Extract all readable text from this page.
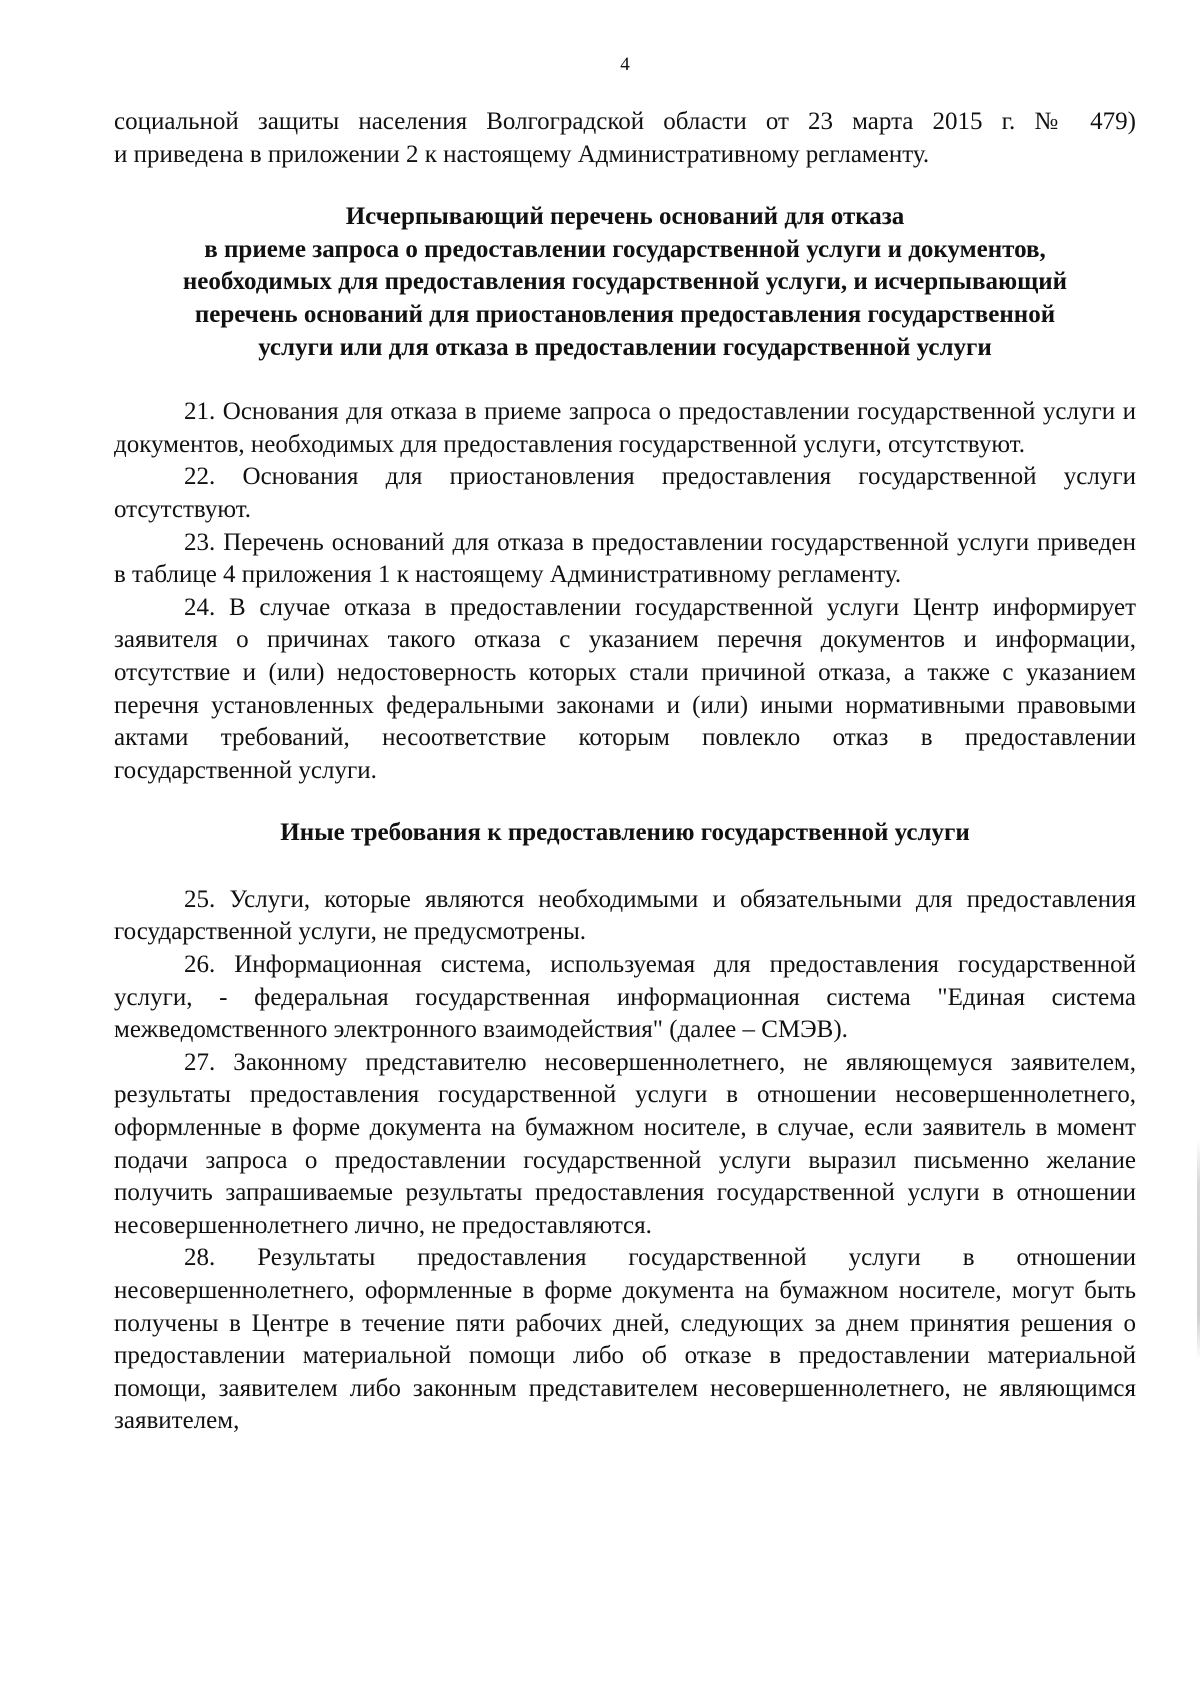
4

социальной защиты населения Волгоградской области от 23 марта 2015 г. № 479)
и приведена в приложении 2 к настоящему Административному регламенту.

Исчерпывающий перечень оснований для отказа
в приеме запроса о предоставлении государственной услуги и документов,
необходимых для предоставления государственной услуги, и исчерпывающий
перечень оснований для приостановления предоставления государственной
услуги или для отказа в предоставлении государственной услуги

21. Основания для отказа в приеме запроса о предоставлении государственной услуги и документов, необходимых для предоставления государственной услуги, отсутствуют.

22. Основания для приостановления предоставления государственной услуги отсутствуют.

23. Перечень оснований для отказа в предоставлении государственной услуги приведен в таблице 4 приложения 1 к настоящему Административному регламенту.

24. В случае отказа в предоставлении государственной услуги Центр информирует заявителя о причинах такого отказа с указанием перечня документов и информации, отсутствие и (или) недостоверность которых стали причиной отказа, а также с указанием перечня установленных федеральными законами и (или) иными нормативными правовыми актами требований, несоответствие которым повлекло отказ в предоставлении государственной услуги.

Иные требования к предоставлению государственной услуги

25. Услуги, которые являются необходимыми и обязательными для предоставления государственной услуги, не предусмотрены.

26. Информационная система, используемая для предоставления государственной услуги, - федеральная государственная информационная система "Единая система межведомственного электронного взаимодействия" (далее – СМЭВ).

27. Законному представителю несовершеннолетнего, не являющемуся заявителем, результаты предоставления государственной услуги в отношении несовершеннолетнего, оформленные в форме документа на бумажном носителе, в случае, если заявитель в момент подачи запроса о предоставлении государственной услуги выразил письменно желание получить запрашиваемые результаты предоставления государственной услуги в отношении несовершеннолетнего лично, не предоставляются.

28. Результаты предоставления государственной услуги в отношении несовершеннолетнего, оформленные в форме документа на бумажном носителе, могут быть получены в Центре в течение пяти рабочих дней, следующих за днем принятия решения о предоставлении материальной помощи либо об отказе в предоставлении материальной помощи, заявителем либо законным представителем несовершеннолетнего, не являющимся заявителем,
